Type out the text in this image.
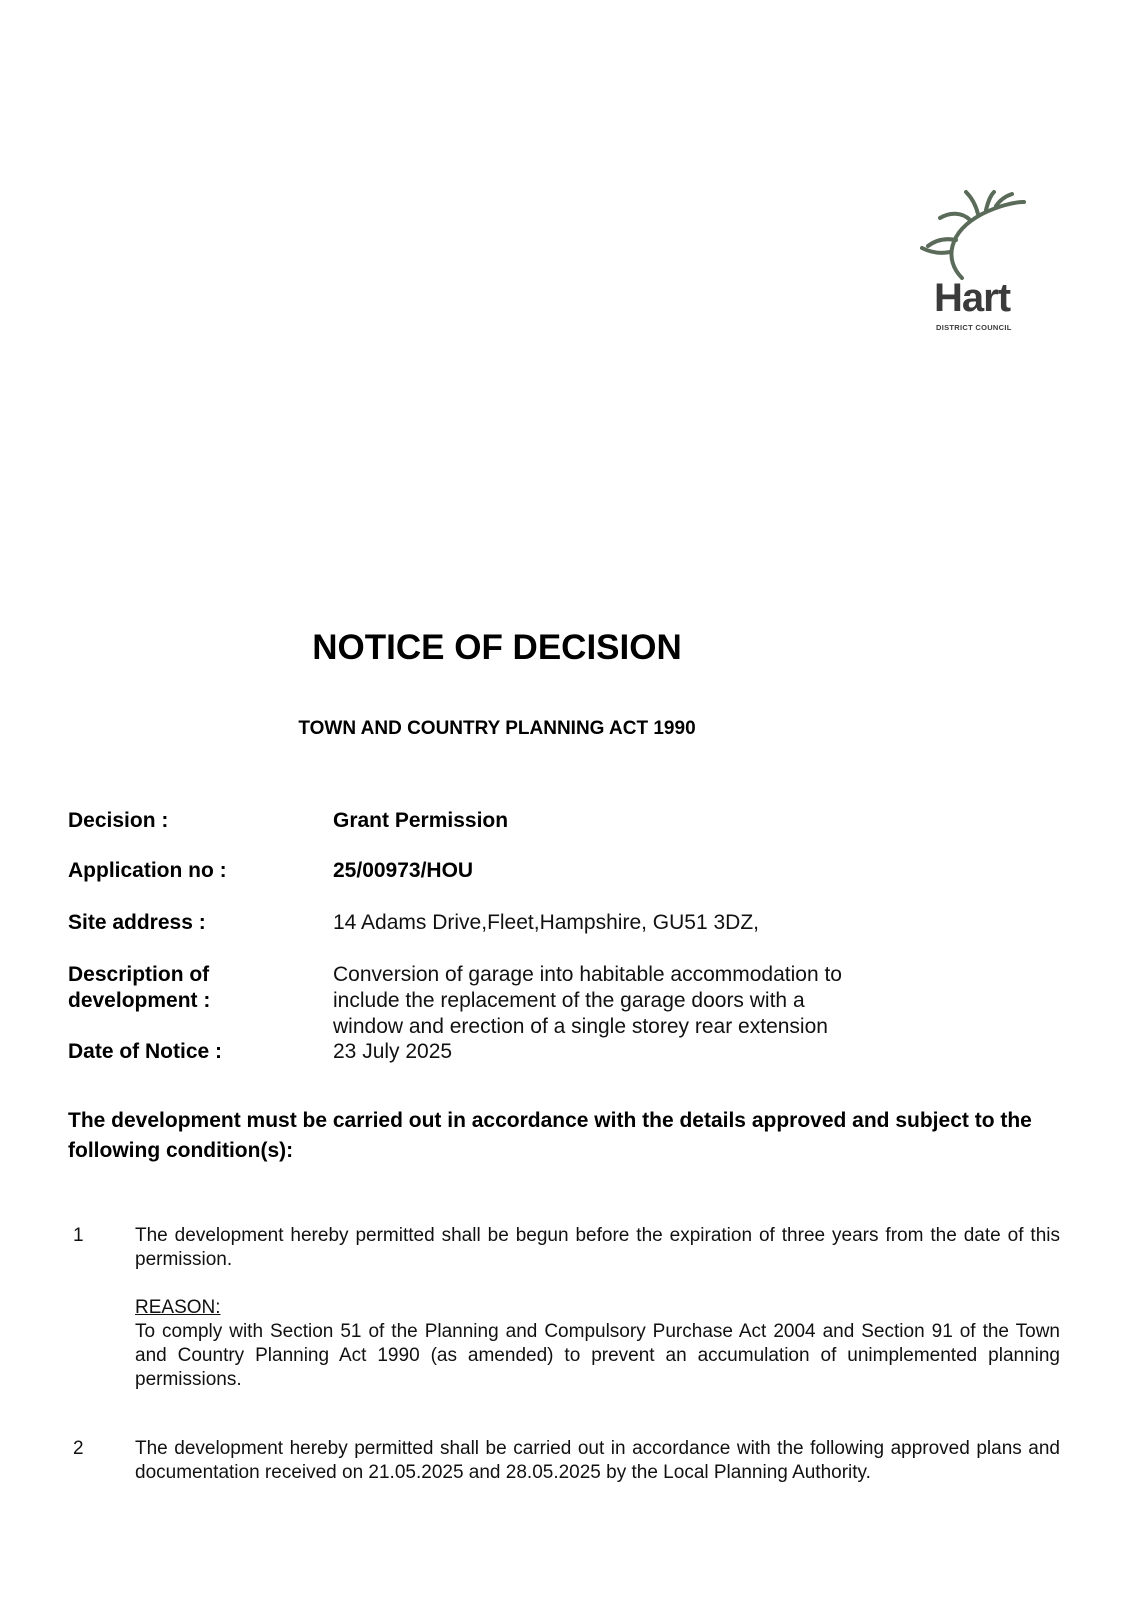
Hart
DISTRICT COUNCIL
NOTICE OF DECISION
TOWN AND COUNTRY PLANNING ACT 1990
Decision :	Grant Permission
Application no :	25/00973/HOU
Site address :	14 Adams Drive,Fleet,Hampshire, GU51 3DZ,
Description of
development :
Conversion of garage into habitable accommodation to
include the replacement of the garage doors with a
window and erection of a single storey rear extension
Date of Notice :	23 July 2025
The development must be carried out in accordance with the details approved and subject to the following condition(s):
1	The development hereby permitted shall be begun before the expiration of three years from the date of this permission.
REASON:
To comply with Section 51 of the Planning and Compulsory Purchase Act 2004 and Section 91 of the Town and Country Planning Act 1990 (as amended) to prevent an accumulation of unimplemented planning permissions.
2	The development hereby permitted shall be carried out in accordance with the following approved plans and documentation received on 21.05.2025 and 28.05.2025 by the Local Planning Authority.
